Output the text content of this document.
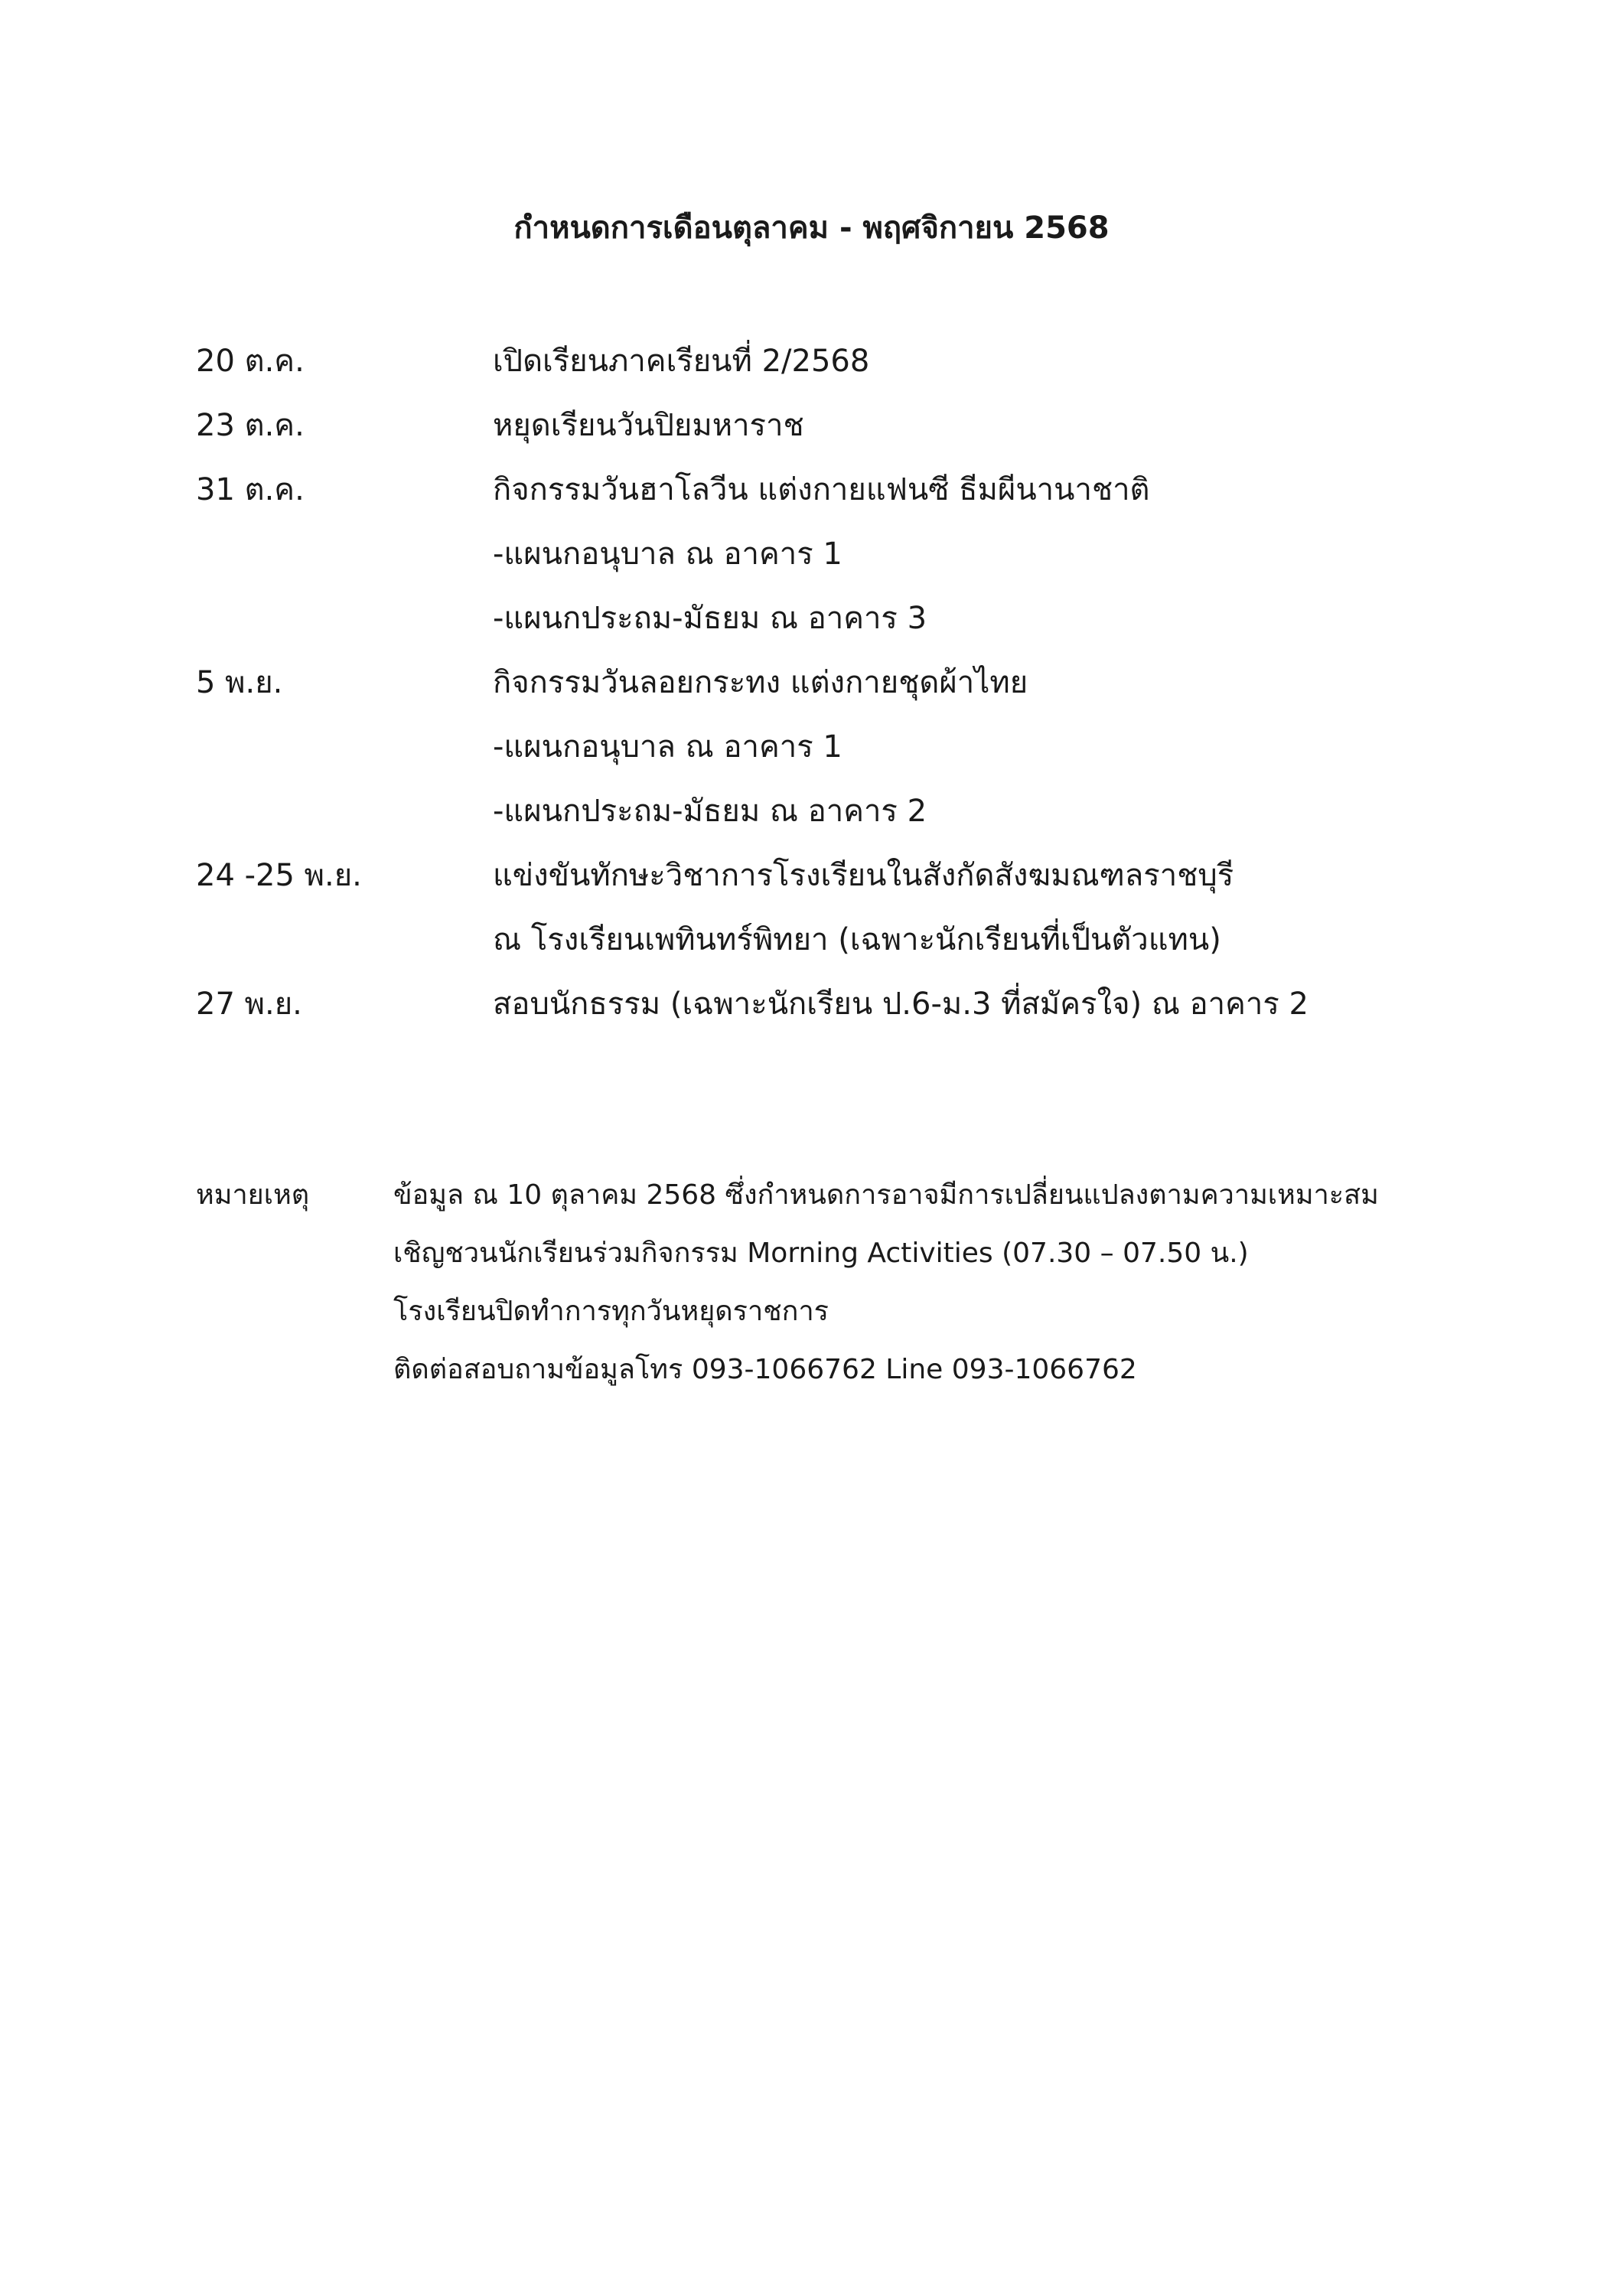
กำหนดการเดือนตุลาคม - พฤศจิกายน 2568
20 ต.ค.	เปิดเรียนภาคเรียนที่ 2/2568
23 ต.ค.	หยุดเรียนวันปิยมหาราช
31 ต.ค.	กิจกรรมวันฮาโลวีน แต่งกายแฟนซี ธีมผีนานาชาติ
-แผนกอนุบาล ณ อาคาร 1
-แผนกประถม-มัธยม ณ อาคาร 3
5 พ.ย.	กิจกรรมวันลอยกระทง แต่งกายชุดผ้าไทย
-แผนกอนุบาล ณ อาคาร 1
-แผนกประถม-มัธยม ณ อาคาร 2
24 -25 พ.ย.	แข่งขันทักษะวิชาการโรงเรียนในสังกัดสังฆมณฑลราชบุรี
ณ โรงเรียนเพทินทร์พิทยา (เฉพาะนักเรียนที่เป็นตัวแทน)
27 พ.ย.	สอบนักธรรม (เฉพาะนักเรียน ป.6-ม.3 ที่สมัครใจ) ณ อาคาร 2
หมายเหตุ	ข้อมูล ณ 10 ตุลาคม 2568 ซึ่งกำหนดการอาจมีการเปลี่ยนแปลงตามความเหมาะสม
เชิญชวนนักเรียนร่วมกิจกรรม Morning Activities (07.30 – 07.50 น.)
โรงเรียนปิดทำการทุกวันหยุดราชการ
ติดต่อสอบถามข้อมูลโทร 093-1066762 Line 093-1066762
